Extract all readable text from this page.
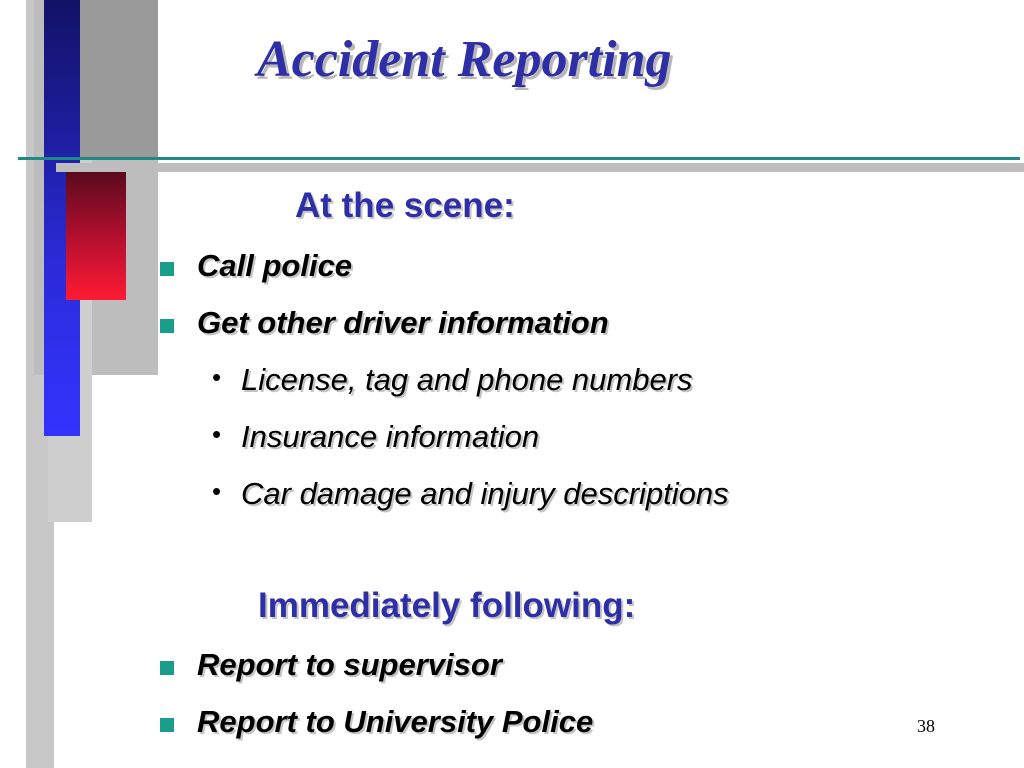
Accident Reporting
At the scene:
Call police
Get other driver information
• License, tag and phone numbers
• Insurance information
• Car damage and injury descriptions
Immediately following:
Report to supervisor
Report to University Police	38
